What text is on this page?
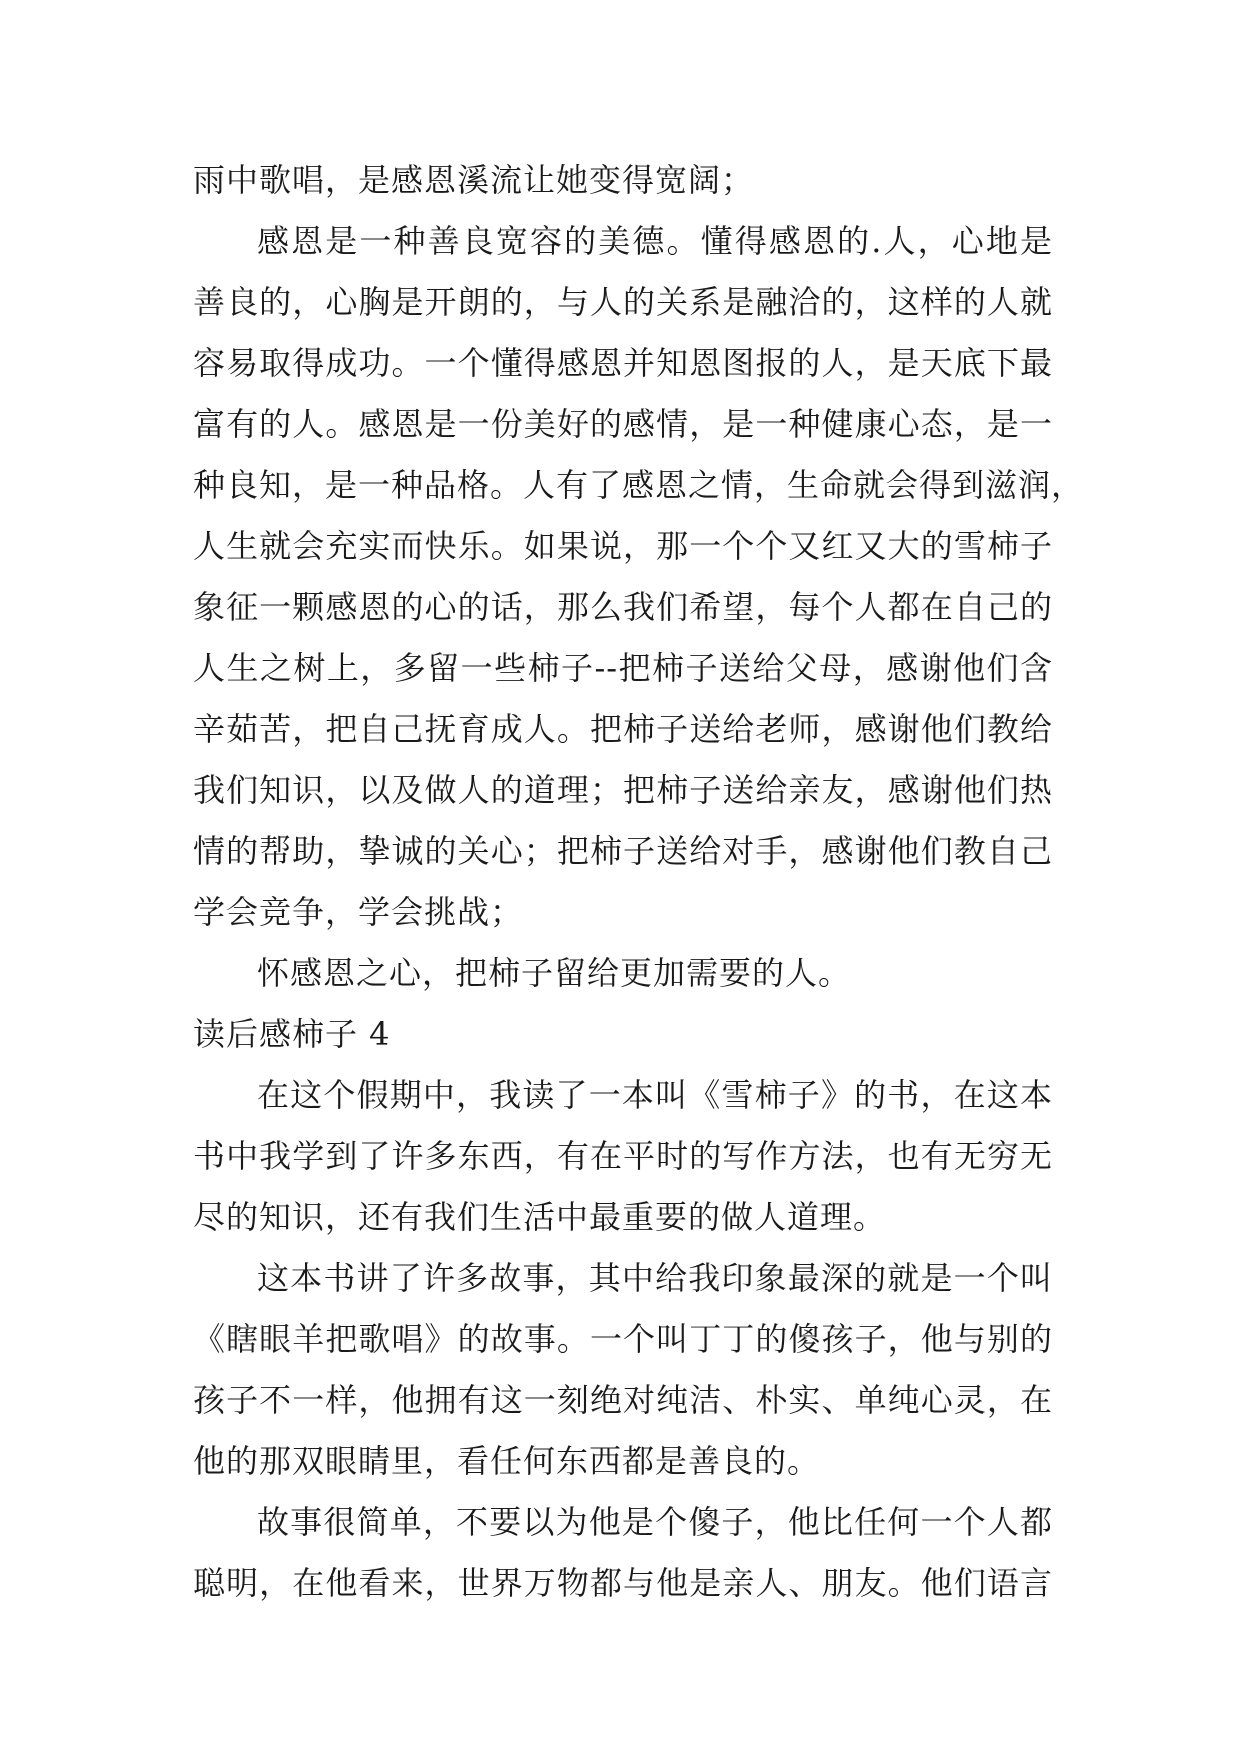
雨中歌唱，是感恩溪流让她变得宽阔；
感恩是一种善良宽容的美德。懂得感恩的.人，心地是
善良的，心胸是开朗的，与人的关系是融洽的，这样的人就
容易取得成功。一个懂得感恩并知恩图报的人，是天底下最
富有的人。感恩是一份美好的感情，是一种健康心态，是一
种良知，是一种品格。人有了感恩之情，生命就会得到滋润，
人生就会充实而快乐。如果说，那一个个又红又大的雪柿子
象征一颗感恩的心的话，那么我们希望，每个人都在自己的
人生之树上，多留一些柿子--把柿子送给父母，感谢他们含
辛茹苦，把自己抚育成人。把柿子送给老师，感谢他们教给
我们知识，以及做人的道理；把柿子送给亲友，感谢他们热
情的帮助，挚诚的关心；把柿子送给对手，感谢他们教自己
学会竞争，学会挑战；
怀感恩之心，把柿子留给更加需要的人。
读后感柿子 4
在这个假期中，我读了一本叫《雪柿子》的书，在这本
书中我学到了许多东西，有在平时的写作方法，也有无穷无
尽的知识，还有我们生活中最重要的做人道理。
这本书讲了许多故事，其中给我印象最深的就是一个叫
《瞎眼羊把歌唱》的故事。一个叫丁丁的傻孩子，他与别的
孩子不一样，他拥有这一刻绝对纯洁、朴实、单纯心灵，在
他的那双眼睛里，看任何东西都是善良的。
故事很简单，不要以为他是个傻子，他比任何一个人都
聪明，在他看来，世界万物都与他是亲人、朋友。他们语言
